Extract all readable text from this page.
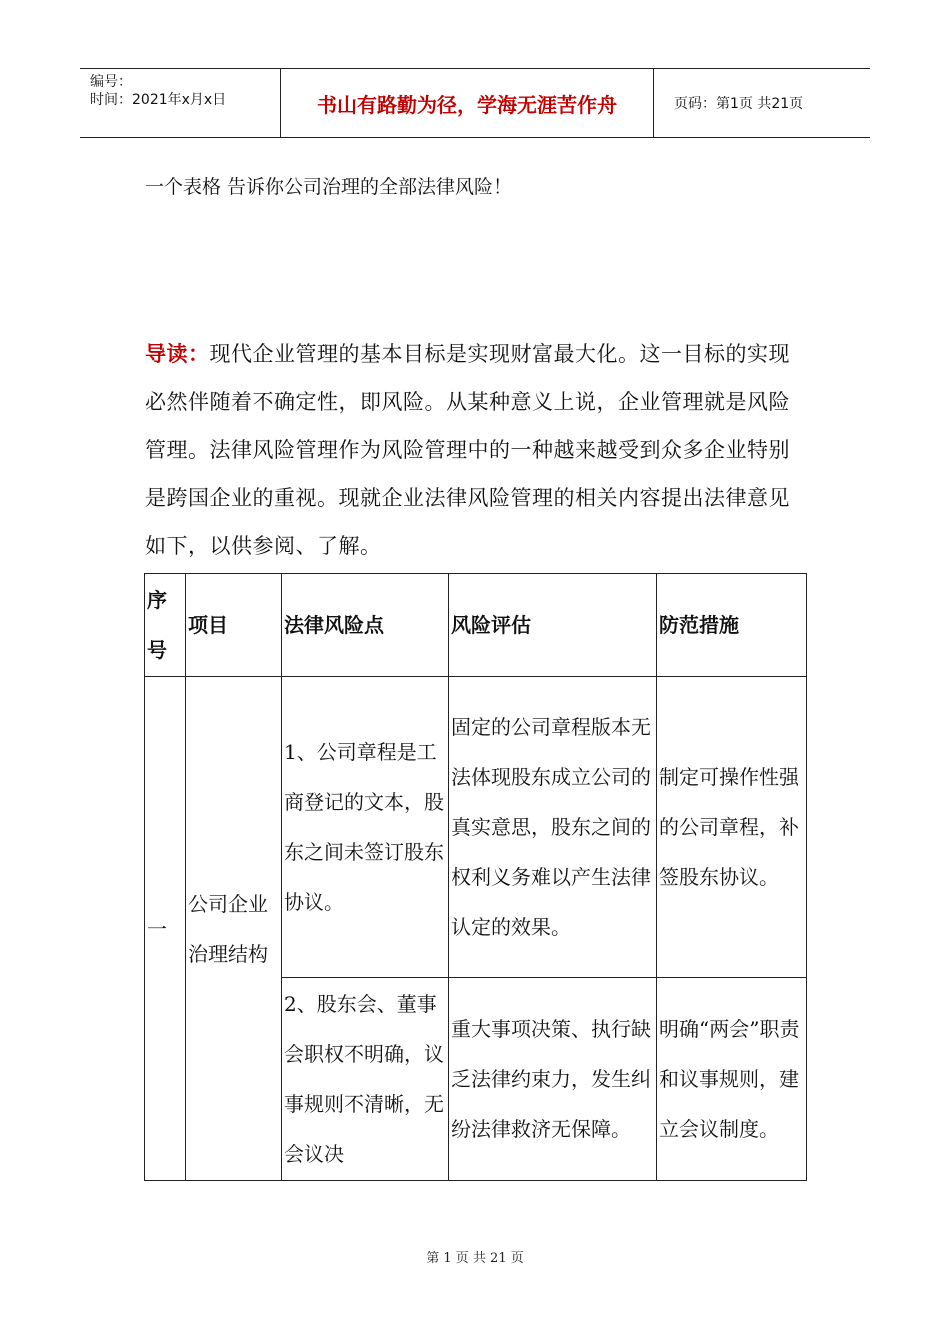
编号：
时间：2021年x月x日	书山有路勤为径，学海无涯苦作舟	页码：第1页 共21页
一个表格 告诉你公司治理的全部法律风险！
导读：现代企业管理的基本目标是实现财富最大化。这一目标的实现必然伴随着不确定性，即风险。从某种意义上说，企业管理就是风险管理。法律风险管理作为风险管理中的一种越来越受到众多企业特别是跨国企业的重视。现就企业法律风险管理的相关内容提出法律意见如下，以供参阅、了解。
序号	项目	法律风险点	风险评估	防范措施
一	公司企业治理结构	1、公司章程是工商登记的文本，股东之间未签订股东协议。	固定的公司章程版本无法体现股东成立公司的真实意思，股东之间的权利义务难以产生法律认定的效果。	制定可操作性强的公司章程，补签股东协议。

		2、股东会、董事会职权不明确，议事规则不清晰，无会议决	重大事项决策、执行缺乏法律约束力，发生纠纷法律救济无保障。	明确“两会”职责和议事规则，建立会议制度。
第 1 页 共 21 页
